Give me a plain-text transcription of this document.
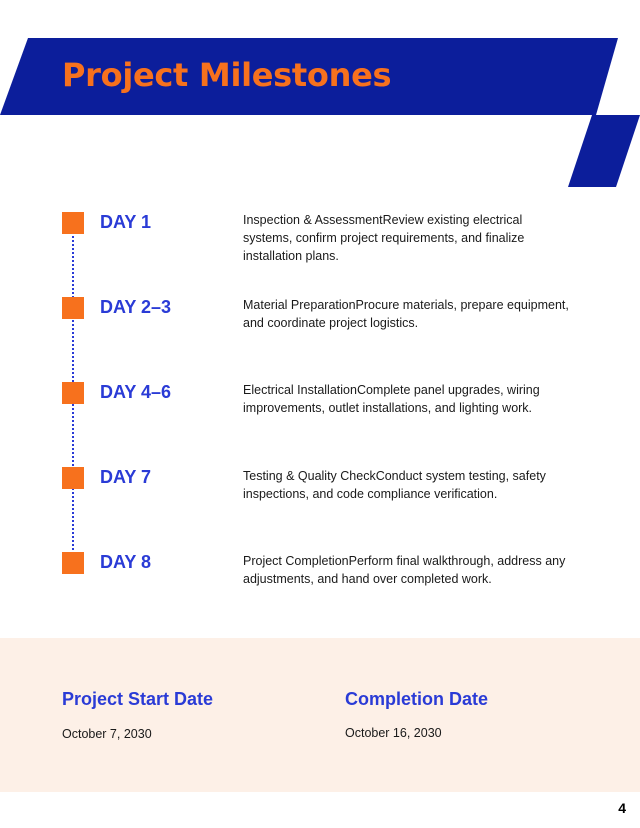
Project Milestones
DAY 1	Inspection & AssessmentReview existing electrical systems, confirm project requirements, and finalize installation plans.
DAY 2–3	Material PreparationProcure materials, prepare equipment, and coordinate project logistics.
DAY 4–6	Electrical InstallationComplete panel upgrades, wiring improvements, outlet installations, and lighting work.
DAY 7	Testing & Quality CheckConduct system testing, safety inspections, and code compliance verification.
DAY 8	Project CompletionPerform final walkthrough, address any adjustments, and hand over completed work.
Project Start Date
October 7, 2030
Completion Date
October 16, 2030
4
